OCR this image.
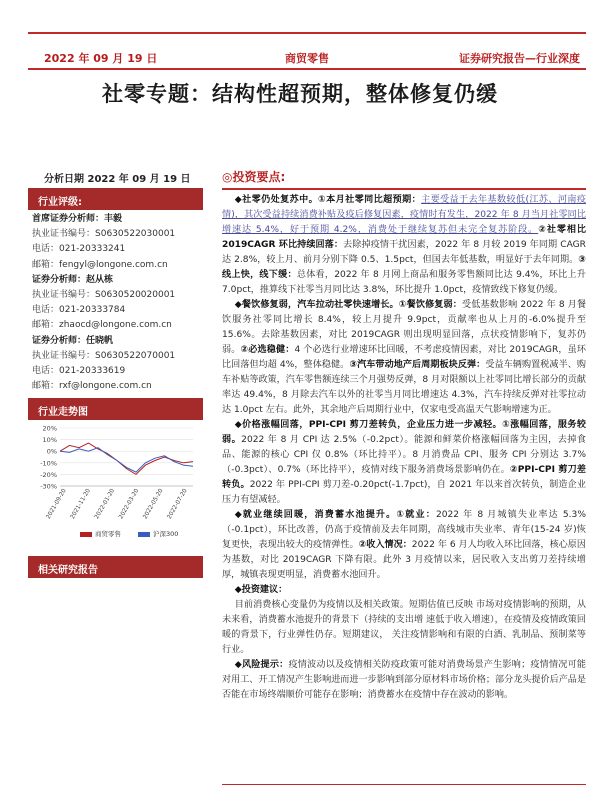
2022 年 09 月 19 日	商贸零售	证券研究报告—行业深度
社零专题：结构性超预期，整体修复仍缓
分析日期 2022 年 09 月 19 日
行业评级:
首席证券分析师：丰毅
执业证书编号：S0630522030001
电话：021-20333241
邮箱：fengyl@longone.com.cn
证券分析师：赵从栋
执业证书编号：S0630520020001
电话：021-20333784
邮箱：zhaocd@longone.com.cn
证券分析师：任晓帆
执业证书编号：S0630522070001
电话：021-20333619
邮箱：rxf@longone.com.cn
行业走势图
20%
10%
0%
-10%
-20%
-30%
2021-09-20 2021-11-20 2022-01-20 2022-03-20 2022-05-20 2022-07-20
商贸零售	沪深300
相关研究报告
◎投资要点:

◆社零仍处复苏中。①本月社零同比超预期：主要受益于去年基数较低(江苏、河南疫情)，其次受益持续消费补贴及疫后修复因素，疫情时有发生，2022 年 8 月当月社零同比增速达 5.4%，好于预期 4.2%，消费处于继续复苏但未完全复苏阶段。②社零相比 2019CAGR 环比持续回落：去除掉疫情干扰因素，2022 年 8 月较 2019 年同期 CAGR 达 2.8%，较上月、前月分别下降 0.5、1.5pct，但国去年低基数，明显好于去年同期。③线上快，线下缓：总体看，2022 年 8 月网上商品和服务零售额同比达 9.4%，环比上升 7.0pct，推算线下社零当月同比达 3.8%，环比提升 1.0pct，疫情致线下修复仍缓。

◆餐饮修复弱，汽车拉动社零快速增长。①餐饮修复弱：受低基数影响 2022 年 8 月餐饮服务社零同比增长 8.4%，较上月提升 9.9pct，贡献率也从上月的-6.0%提升至 15.6%。去除基数因素，对比 2019CAGR 则出现明显回落，点状疫情影响下，复苏仍弱。②必选稳健：4 个必选行业增速环比回暖，不考虑疫情因素，对比 2019CAGR，虽环比回落但均超 4%，整体稳健。③汽车带动地产后周期板块反弹：受益车辆购置税减半、购车补贴等政策，汽车零售额连续三个月强势反弹，8 月对限额以上社零同比增长部分的贡献率达 49.4%，8 月除去汽车以外的社零当月同比增速达 4.3%，汽车持续反弹对社零拉动达 1.0pct 左右。此外，其余地产后周期行业中，仅家电受高温天气影响增速为正。

◆价格涨幅回落，PPI-CPI 剪刀差转负，企业压力进一步减轻。①涨幅回落，服务较弱。2022 年 8 月 CPI 达 2.5%（-0.2pct）。能源和鲜菜价格涨幅回落为主因，去掉食品、能源的核心 CPI 仅 0.8%（环比持平）。8 月消费品 CPI、服务 CPI 分别达 3.7%（-0.3pct）、0.7%（环比持平），疫情对线下服务消费场景影响仍在。②PPI-CPI 剪刀差转负。2022 年 PPI-CPI 剪刀差-0.20pct(-1.7pct)，自 2021 年以来首次转负，制造企业压力有望减轻。

◆就业继续回暖，消费蓄水池提升。①就业：2022 年 8 月城镇失业率达 5.3%（-0.1pct），环比改善，仍高于疫情前及去年同期，高线城市失业率、青年(15-24 岁)恢复更快，表现出较大的疫情弹性。②收入情况：2022 年 6 月人均收入环比回落，核心原因为基数，对比 2019CAGR 下降有限。此外 3 月疫情以来，居民收入支出剪刀差持续增厚，城镇表现更明显，消费蓄水池回升。

◆投资建议：

目前消费核心变量仍为疫情以及相关政策。短期估值已反映 市场对疫情影响的预期，从未来看，消费蓄水池提升的背景下（持续的支出增 速低于收入增速），在疫情及疫情政策回暖的背景下，行业弹性仍存。短期建议， 关注疫情影响和有限的白酒、乳制品、预制菜等行业。

◆风险提示：疫情波动以及疫情相关防疫政策可能对消费场景产生影响；疫情情况可能对用工、开工情况产生影响进而进一步影响到部分原材料市场价格；部分龙头提价后产品是否能在市场终端顺价可能存在影响；消费蓄水在疫情中存在波动的影响。
